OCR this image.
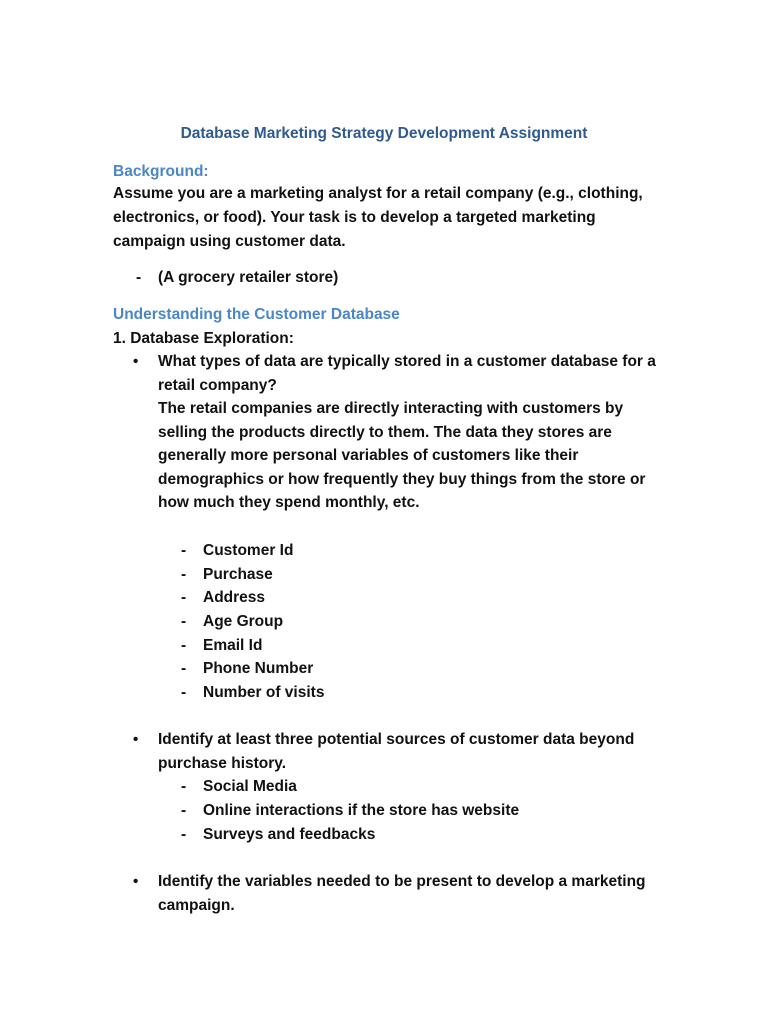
Database Marketing Strategy Development Assignment
Background:
Assume you are a marketing analyst for a retail company (e.g., clothing, electronics, or food). Your task is to develop a targeted marketing campaign using customer data.
- (A grocery retailer store)
Understanding the Customer Database
1. Database Exploration:
• What types of data are typically stored in a customer database for a retail company?
The retail companies are directly interacting with customers by selling the products directly to them. The data they stores are generally more personal variables of customers like their demographics or how frequently they buy things from the store or how much they spend monthly, etc.
- Customer Id
- Purchase
- Address
- Age Group
- Email Id
- Phone Number
- Number of visits
• Identify at least three potential sources of customer data beyond purchase history.
- Social Media
- Online interactions if the store has website
- Surveys and feedbacks
• Identify the variables needed to be present to develop a marketing campaign.
